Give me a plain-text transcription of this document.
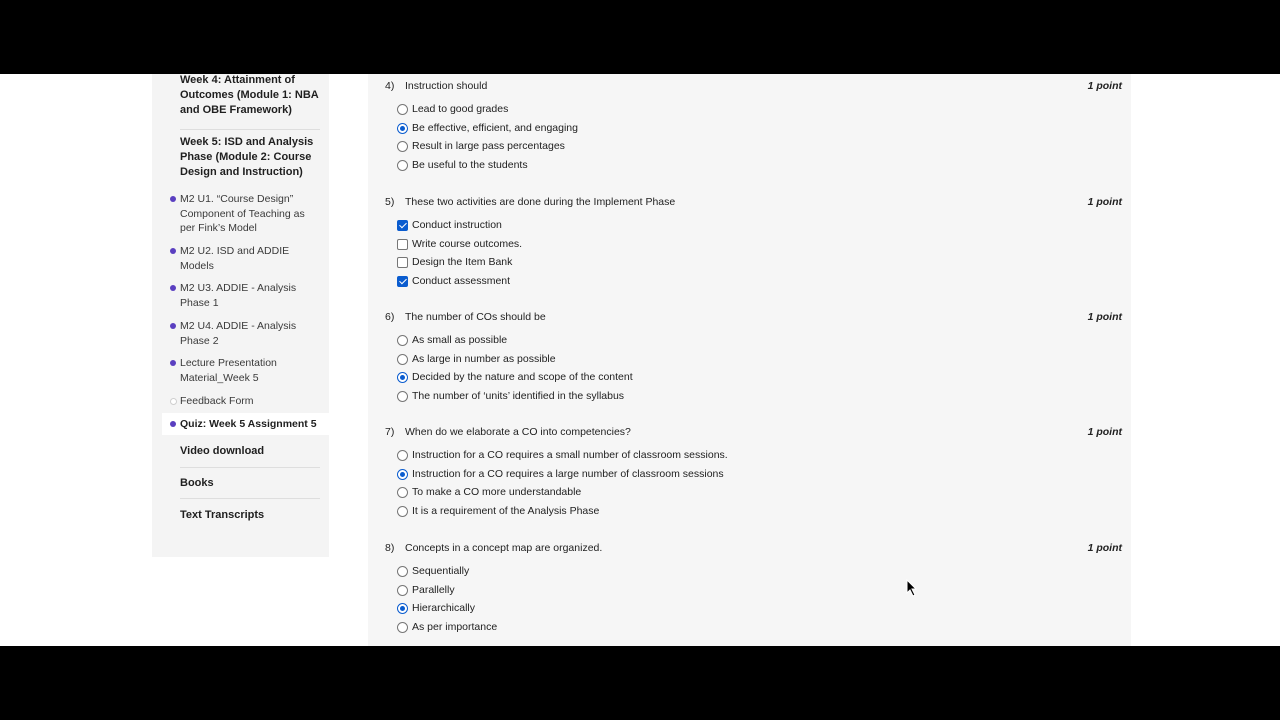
Week 4: Attainment of Outcomes (Module 1: NBA and OBE Framework)
Week 5: ISD and Analysis Phase (Module 2: Course Design and Instruction)
M2 U1. “Course Design” Component of Teaching as per Fink’s Model
M2 U2. ISD and ADDIE Models
M2 U3. ADDIE - Analysis Phase 1
M2 U4. ADDIE - Analysis Phase 2
Lecture Presentation Material_Week 5
Feedback Form
Quiz: Week 5 Assignment 5
Video download
Books
Text Transcripts
4) Instruction should	1 point
Lead to good grades
Be effective, efficient, and engaging
Result in large pass percentages
Be useful to the students
5) These two activities are done during the Implement Phase	1 point
Conduct instruction
Write course outcomes.
Design the Item Bank
Conduct assessment
6) The number of COs should be	1 point
As small as possible
As large in number as possible
Decided by the nature and scope of the content
The number of ‘units’ identified in the syllabus
7) When do we elaborate a CO into competencies?	1 point
Instruction for a CO requires a small number of classroom sessions.
Instruction for a CO requires a large number of classroom sessions
To make a CO more understandable
It is a requirement of the Analysis Phase
8) Concepts in a concept map are organized.	1 point
Sequentially
Parallelly
Hierarchically
As per importance
